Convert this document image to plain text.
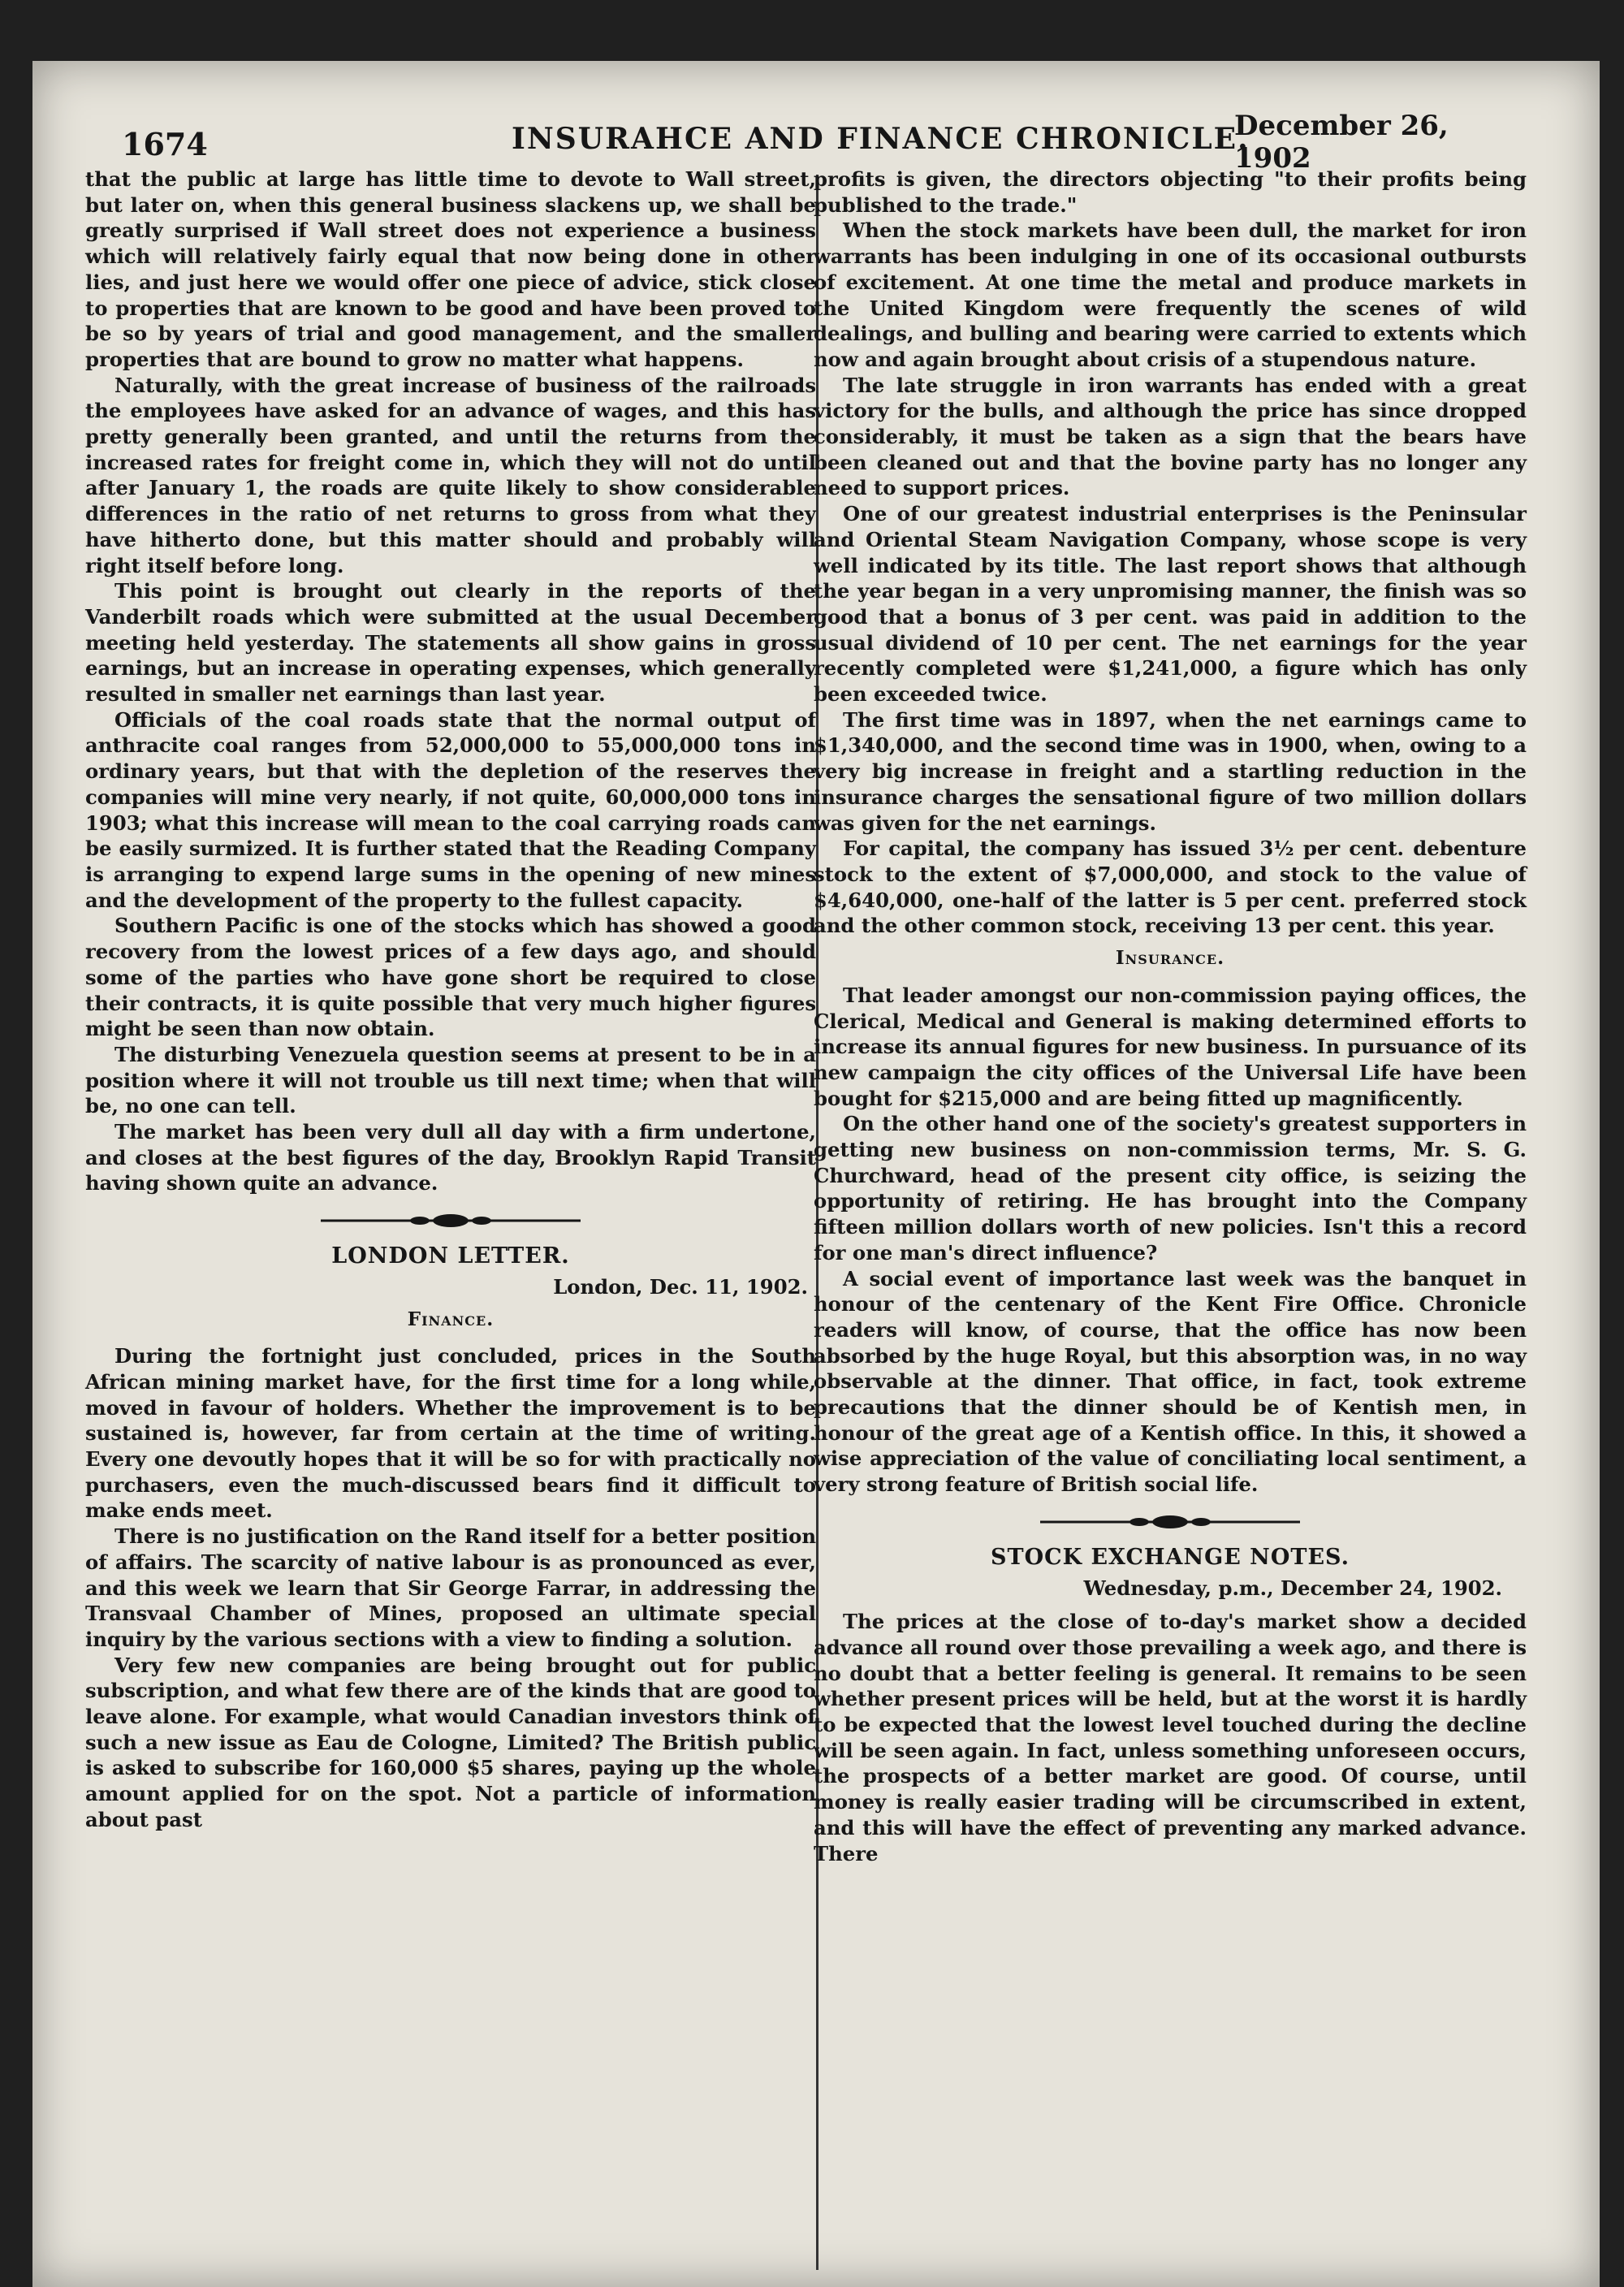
1674	INSURAHCE AND FINANCE CHRONICLE.
December 26, 1902

that the public at large has little time to devote to Wall street, but later on, when this general business slackens up, we shall be greatly surprised if Wall street does not experience a business which will relatively fairly equal that now being done in other lies, and just here we would offer one piece of advice, stick close to properties that are known to be good and have been proved to be so by years of trial and good management, and the smaller properties that are bound to grow no matter what happens.

Naturally, with the great increase of business of the railroads the employees have asked for an advance of wages, and this has pretty generally been granted, and until the returns from the increased rates for freight come in, which they will not do until after January 1, the roads are quite likely to show considerable differences in the ratio of net returns to gross from what they have hitherto done, but this matter should and probably will right itself before long.

This point is brought out clearly in the reports of the Vanderbilt roads which were submitted at the usual December meeting held yesterday. The statements all show gains in gross earnings, but an increase in operating expenses, which generally resulted in smaller net earnings than last year.

Officials of the coal roads state that the normal output of anthracite coal ranges from 52,000,000 to 55,000,000 tons in ordinary years, but that with the depletion of the reserves the companies will mine very nearly, if not quite, 60,000,000 tons in 1903; what this increase will mean to the coal carrying roads can be easily surmized. It is further stated that the Reading Company is arranging to expend large sums in the opening of new mines and the development of the property to the fullest capacity.

Southern Pacific is one of the stocks which has showed a good recovery from the lowest prices of a few days ago, and should some of the parties who have gone short be required to close their contracts, it is quite possible that very much higher figures might be seen than now obtain.

The disturbing Venezuela question seems at present to be in a position where it will not trouble us till next time; when that will be, no one can tell.

The market has been very dull all day with a firm undertone, and closes at the best figures of the day, Brooklyn Rapid Transit having shown quite an advance.

LONDON LETTER.
London, Dec. 11, 1902.
Finance.

During the fortnight just concluded, prices in the South African mining market have, for the first time for a long while, moved in favour of holders. Whether the improvement is to be sustained is, however, far from certain at the time of writing. Every one devoutly hopes that it will be so for with practically no purchasers, even the much-discussed bears find it difficult to make ends meet.

There is no justification on the Rand itself for a better position of affairs. The scarcity of native labour is as pronounced as ever, and this week we learn that Sir George Farrar, in addressing the Transvaal Chamber of Mines, proposed an ultimate special inquiry by the various sections with a view to finding a solution.

Very few new companies are being brought out for public subscription, and what few there are of the kinds that are good to leave alone. For example, what would Canadian investors think of such a new issue as Eau de Cologne, Limited? The British public is asked to subscribe for 160,000 $5 shares, paying up the whole amount applied for on the spot. Not a particle of information about past

profits is given, the directors objecting "to their profits being published to the trade."

When the stock markets have been dull, the market for iron warrants has been indulging in one of its occasional outbursts of excitement. At one time the metal and produce markets in the United Kingdom were frequently the scenes of wild dealings, and bulling and bearing were carried to extents which now and again brought about crisis of a stupendous nature.

The late struggle in iron warrants has ended with a great victory for the bulls, and although the price has since dropped considerably, it must be taken as a sign that the bears have been cleaned out and that the bovine party has no longer any need to support prices.

One of our greatest industrial enterprises is the Peninsular and Oriental Steam Navigation Company, whose scope is very well indicated by its title. The last report shows that although the year began in a very unpromising manner, the finish was so good that a bonus of 3 per cent. was paid in addition to the usual dividend of 10 per cent. The net earnings for the year recently completed were $1,241,000, a figure which has only been exceeded twice.

The first time was in 1897, when the net earnings came to $1,340,000, and the second time was in 1900, when, owing to a very big increase in freight and a startling reduction in the insurance charges the sensational figure of two million dollars was given for the net earnings.

For capital, the company has issued 3½ per cent. debenture stock to the extent of $7,000,000, and stock to the value of $4,640,000, one-half of the latter is 5 per cent. preferred stock and the other common stock, receiving 13 per cent. this year.

Insurance.

That leader amongst our non-commission paying offices, the Clerical, Medical and General is making determined efforts to increase its annual figures for new business. In pursuance of its new campaign the city offices of the Universal Life have been bought for $215,000 and are being fitted up magnificently.

On the other hand one of the society's greatest supporters in getting new business on non-commission terms, Mr. S. G. Churchward, head of the present city office, is seizing the opportunity of retiring. He has brought into the Company fifteen million dollars worth of new policies. Isn't this a record for one man's direct influence?

A social event of importance last week was the banquet in honour of the centenary of the Kent Fire Office. Chronicle readers will know, of course, that the office has now been absorbed by the huge Royal, but this absorption was, in no way observable at the dinner. That office, in fact, took extreme precautions that the dinner should be of Kentish men, in honour of the great age of a Kentish office. In this, it showed a wise appreciation of the value of conciliating local sentiment, a very strong feature of British social life.

STOCK EXCHANGE NOTES.
Wednesday, p.m., December 24, 1902.

The prices at the close of to-day's market show a decided advance all round over those prevailing a week ago, and there is no doubt that a better feeling is general. It remains to be seen whether present prices will be held, but at the worst it is hardly to be expected that the lowest level touched during the decline will be seen again. In fact, unless something unforeseen occurs, the prospects of a better market are good. Of course, until money is really easier trading will be circumscribed in extent, and this will have the effect of preventing any marked advance. There
